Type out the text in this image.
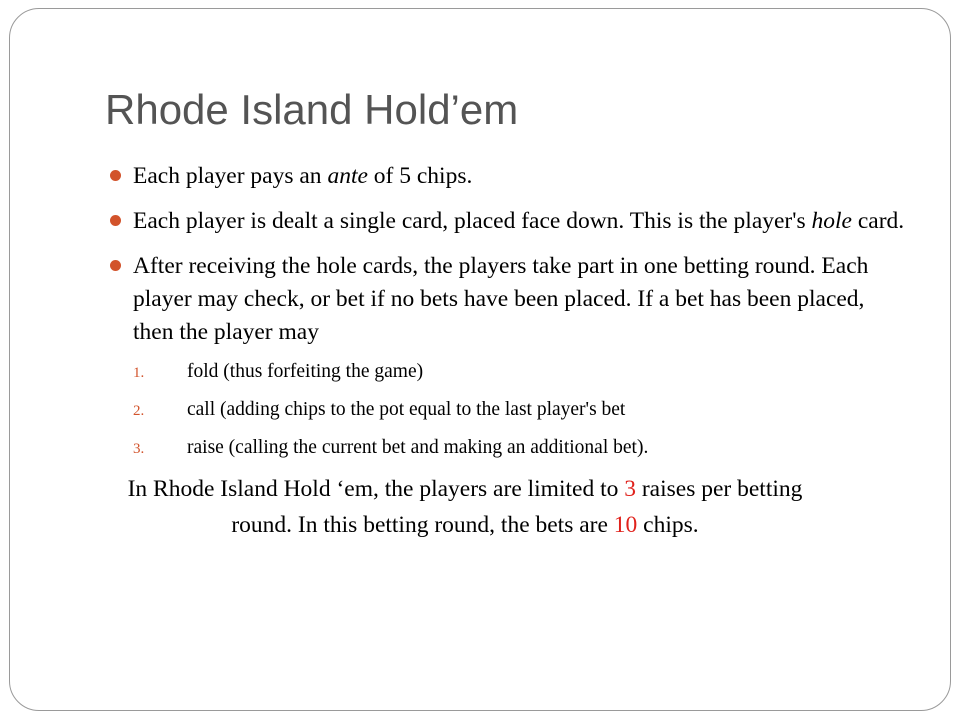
Rhode Island Hold’em
Each player pays an ante of 5 chips.
Each player is dealt a single card, placed face down. This is the player's hole card.
After receiving the hole cards, the players take part in one betting round. Each player may check, or bet if no bets have been placed. If a bet has been placed, then the player may
1. fold (thus forfeiting the game)
2. call (adding chips to the pot equal to the last player's bet
3. raise (calling the current bet and making an additional bet).

In Rhode Island Hold ‘em, the players are limited to 3 raises per betting round. In this betting round, the bets are 10 chips.
